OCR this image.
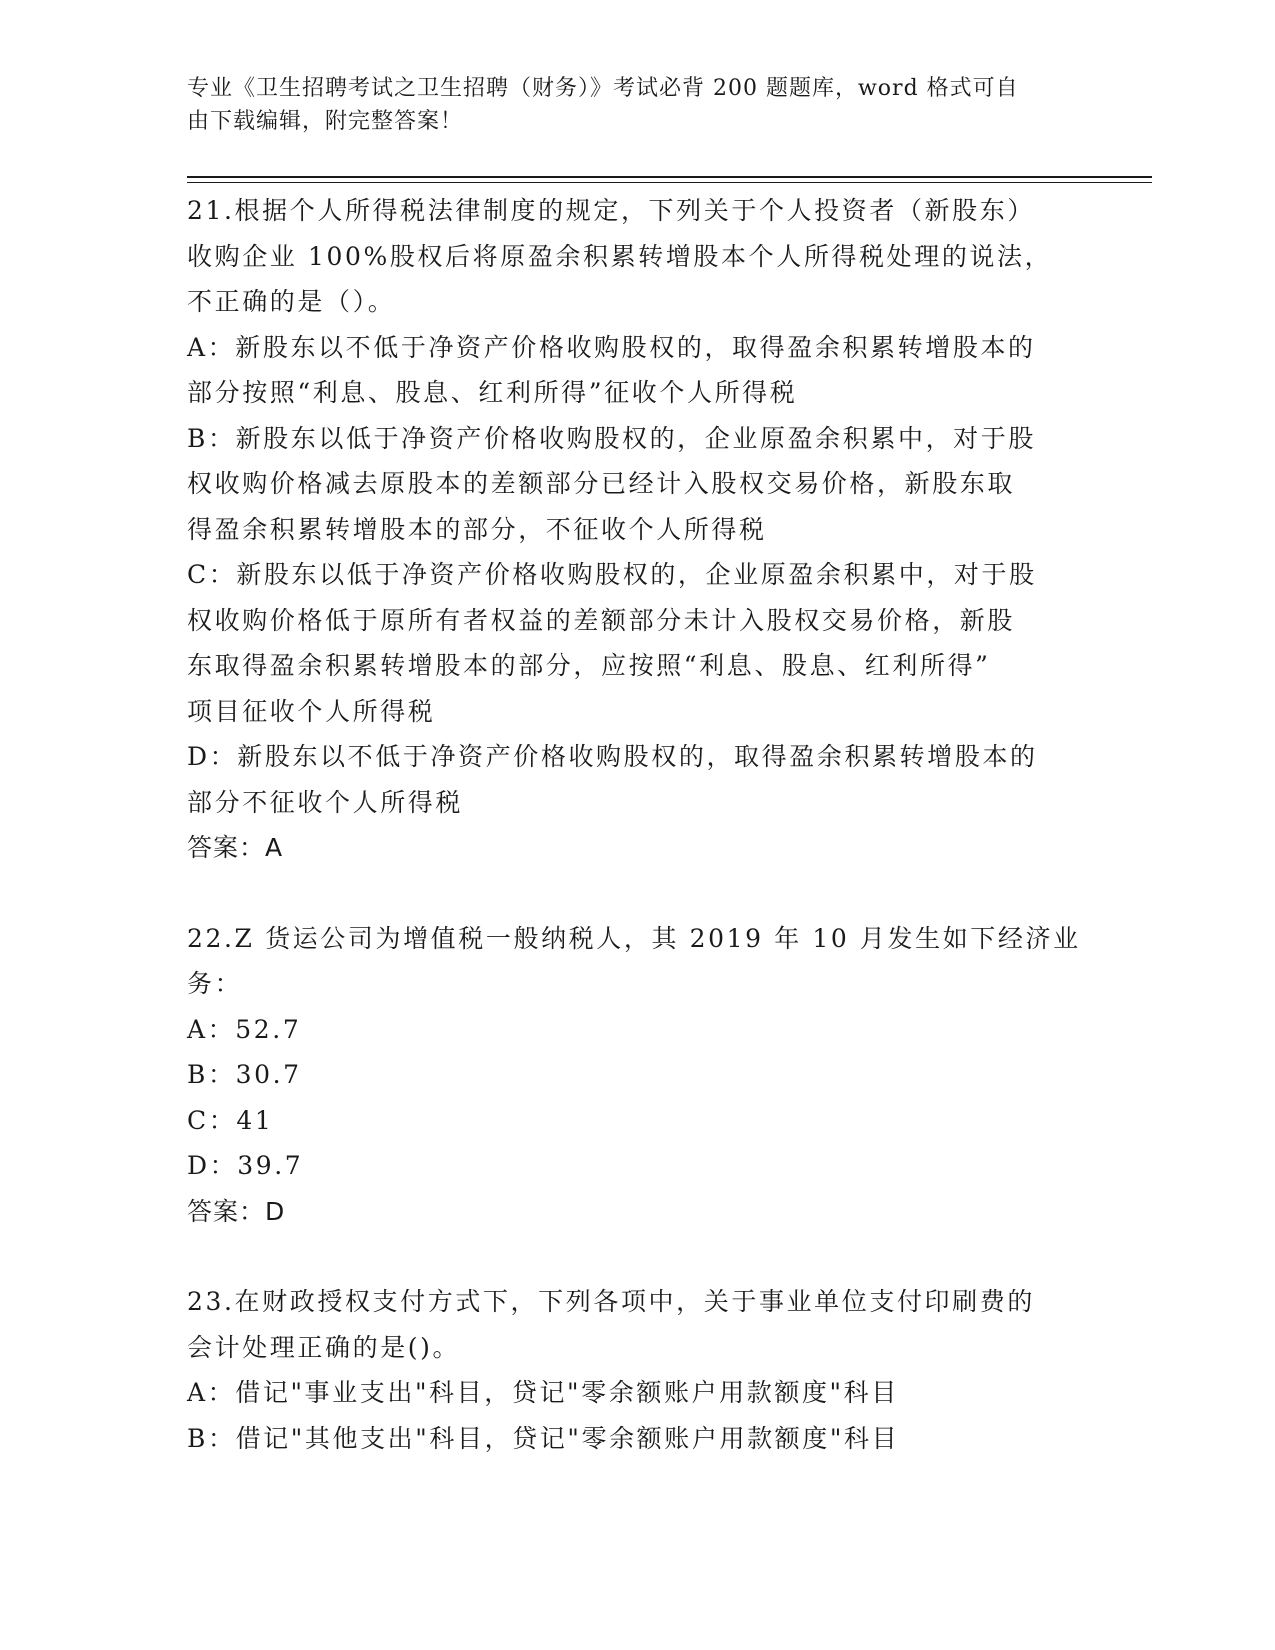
专业《卫生招聘考试之卫生招聘（财务）》考试必背 200 题题库，word 格式可自
由下载编辑，附完整答案！
21.根据个人所得税法律制度的规定，下列关于个人投资者（新股东）
收购企业 100%股权后将原盈余积累转增股本个人所得税处理的说法，
不正确的是（）。
A：新股东以不低于净资产价格收购股权的，取得盈余积累转增股本的
部分按照“利息、股息、红利所得”征收个人所得税
B：新股东以低于净资产价格收购股权的，企业原盈余积累中，对于股
权收购价格减去原股本的差额部分已经计入股权交易价格，新股东取
得盈余积累转增股本的部分，不征收个人所得税
C：新股东以低于净资产价格收购股权的，企业原盈余积累中，对于股
权收购价格低于原所有者权益的差额部分未计入股权交易价格，新股
东取得盈余积累转增股本的部分，应按照“利息、股息、红利所得”
项目征收个人所得税
D：新股东以不低于净资产价格收购股权的，取得盈余积累转增股本的
部分不征收个人所得税
答案：A
22.Z 货运公司为增值税一般纳税人，其 2019 年 10 月发生如下经济业
务：
A：52.7
B：30.7
C：41
D：39.7
答案：D
23.在财政授权支付方式下，下列各项中，关于事业单位支付印刷费的
会计处理正确的是()。
A：借记"事业支出"科目，贷记"零余额账户用款额度"科目
B：借记"其他支出"科目，贷记"零余额账户用款额度"科目
